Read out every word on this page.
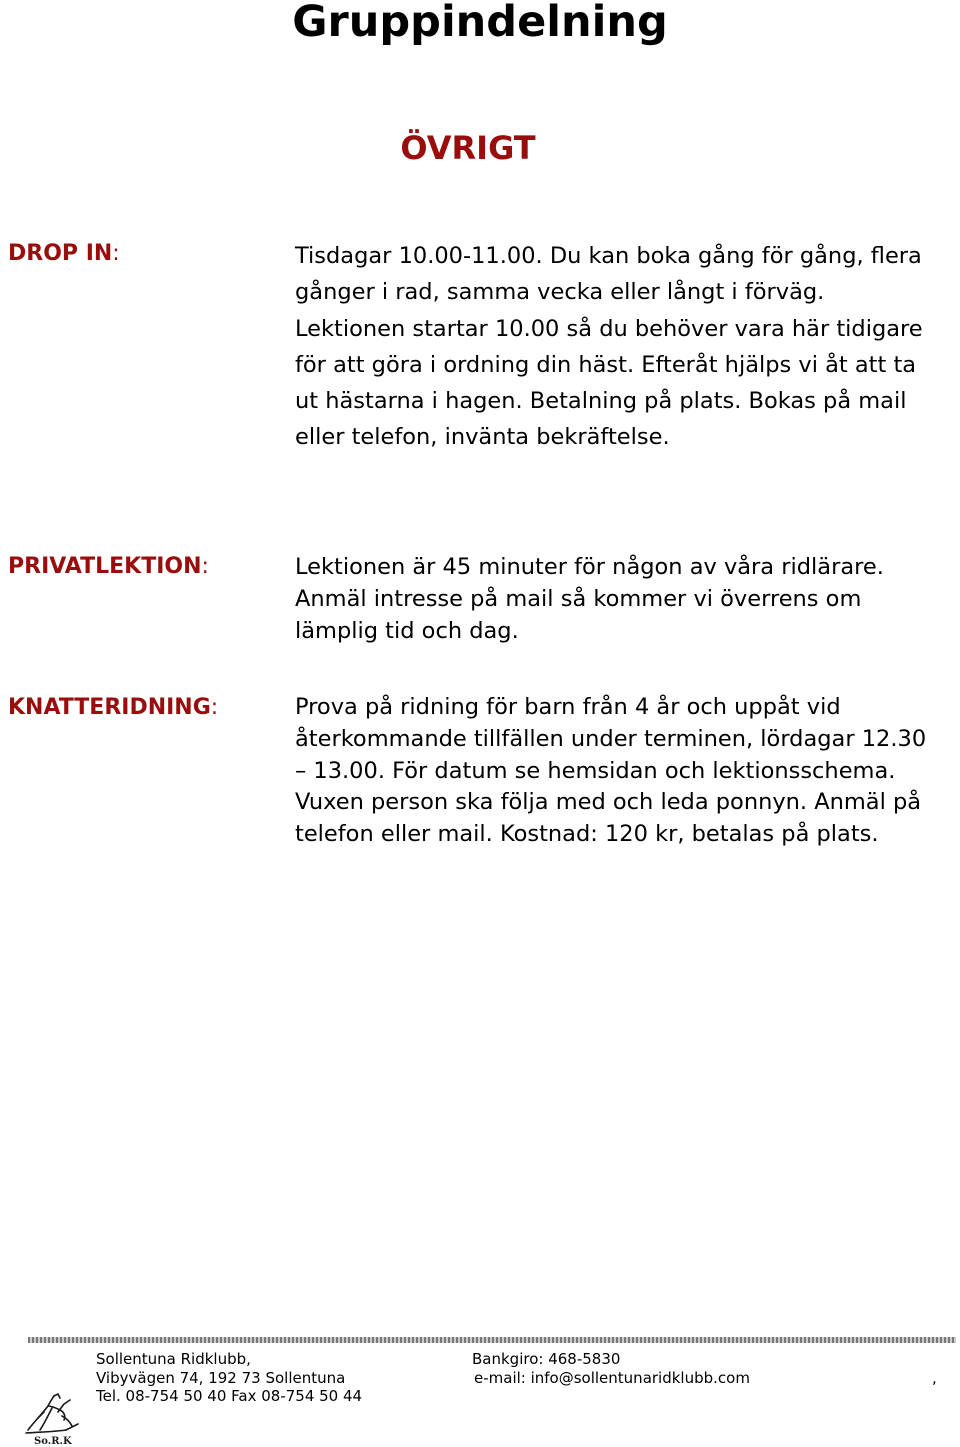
Gruppindelning
ÖVRIGT
DROP IN:	Tisdagar 10.00-11.00. Du kan boka gång för gång, flera gånger i rad, samma vecka eller långt i förväg. Lektionen startar 10.00 så du behöver vara här tidigare för att göra i ordning din häst. Efteråt hjälps vi åt att ta ut hästarna i hagen. Betalning på plats. Bokas på mail eller telefon, invänta bekräftelse.

PRIVATLEKTION:	Lektionen är 45 minuter för någon av våra ridlärare. Anmäl intresse på mail så kommer vi överrens om lämplig tid och dag.

KNATTERIDNING:	Prova på ridning för barn från 4 år och uppåt vid återkommande tillfällen under terminen, lördagar 12.30 – 13.00. För datum se hemsidan och lektionsschema. Vuxen person ska följa med och leda ponnyn. Anmäl på telefon eller mail. Kostnad: 120 kr, betalas på plats.

Sollentuna Ridklubb,
Vibyvägen 74, 192 73 Sollentuna
Tel. 08-754 50 40 Fax 08-754 50 44
Bankgiro: 468-5830
e-mail: info@sollentunaridklubb.com	,
So.R.K
